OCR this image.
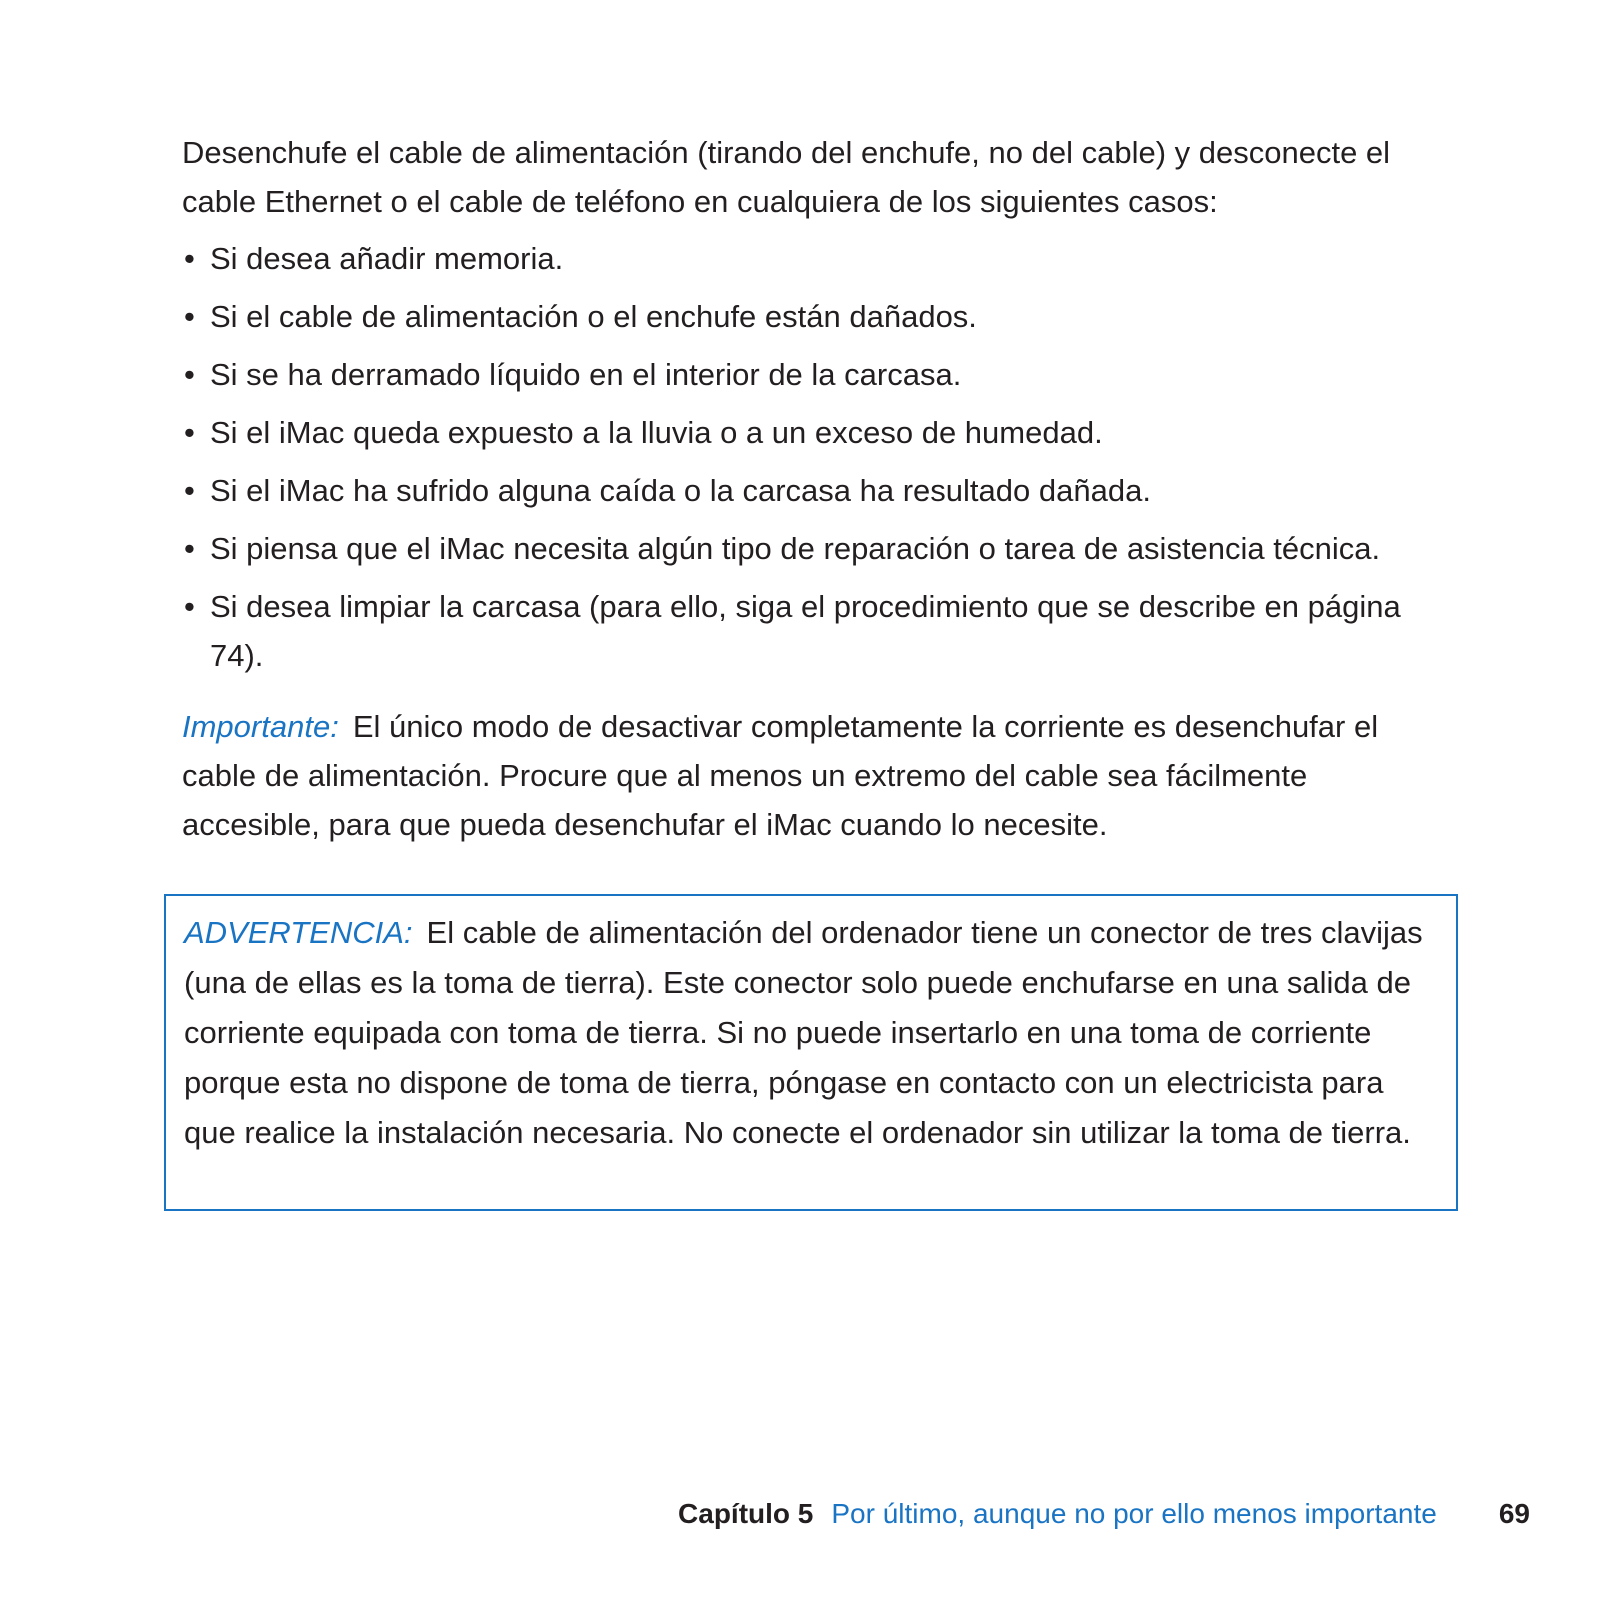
Desenchufe el cable de alimentación (tirando del enchufe, no del cable) y desconecte el cable Ethernet o el cable de teléfono en cualquiera de los siguientes casos:

• Si desea añadir memoria.
• Si el cable de alimentación o el enchufe están dañados.
• Si se ha derramado líquido en el interior de la carcasa.
• Si el iMac queda expuesto a la lluvia o a un exceso de humedad.
• Si el iMac ha sufrido alguna caída o la carcasa ha resultado dañada.
• Si piensa que el iMac necesita algún tipo de reparación o tarea de asistencia técnica.
• Si desea limpiar la carcasa (para ello, siga el procedimiento que se describe en página 74).

Importante: El único modo de desactivar completamente la corriente es desenchufar el cable de alimentación. Procure que al menos un extremo del cable sea fácilmente accesible, para que pueda desenchufar el iMac cuando lo necesite.

ADVERTENCIA: El cable de alimentación del ordenador tiene un conector de tres clavijas (una de ellas es la toma de tierra). Este conector solo puede enchufarse en una salida de corriente equipada con toma de tierra. Si no puede insertarlo en una toma de corriente porque esta no dispone de toma de tierra, póngase en contacto con un electricista para que realice la instalación necesaria. No conecte el ordenador sin utilizar la toma de tierra.

Capítulo 5 Por último, aunque no por ello menos importante 69
